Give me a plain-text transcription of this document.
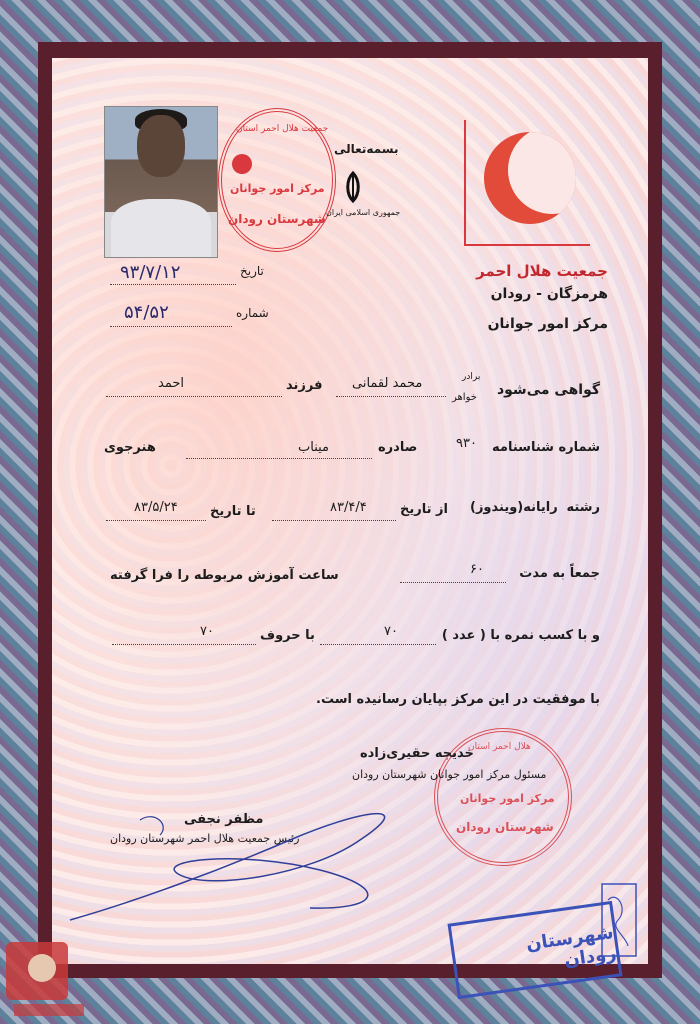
جمعیت هلال احمر استان
مرکز امور جوانان
شهرستان رودان
بسمه‌تعالی
جمهوری اسلامی ایران
جمعیت هلال احمر
هرمزگان - رودان
مرکز امور جوانان
تاریخ
۹۳/۷/۱۲
شماره
۵۴/۵۲
گواهی می‌شود
برادر
خواهر
محمد لقمانی
فرزند
احمد
شماره شناسنامه
۹۳۰
صادره
میناب
هنرجوی
رشته
رایانه(ویندوز)
از تاریخ
۸۳/۴/۴
تا تاریخ
۸۳/۵/۲۴
جمعاً به مدت
۶۰
ساعت آموزش مربوطه را فرا گرفته
و با کسب نمره با ( عدد )
۷۰
با حروف
۷۰
با موفقیت در این مرکز بپایان رسانیده است.
هلال احمر استان
مرکز امور جوانان
شهرستان رودان
خدیجه حقیری‌زاده
مسئول مرکز امور جوانان شهرستان رودان
مظفر نجفی
رئیس جمعیت هلال احمر شهرستان رودان
شهرستان رودان
